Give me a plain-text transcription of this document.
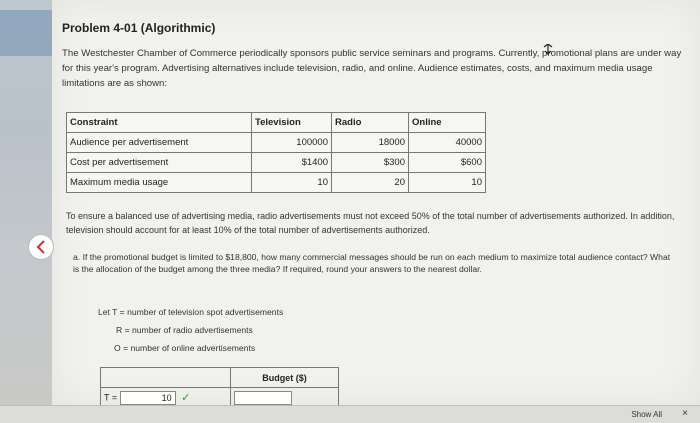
Problem 4-01 (Algorithmic)
The Westchester Chamber of Commerce periodically sponsors public service seminars and programs. Currently, promotional plans are under way for this year's program. Advertising alternatives include television, radio, and online. Audience estimates, costs, and maximum media usage limitations are as shown:
Constraint	Television	Radio	Online
Audience per advertisement	100000	18000	40000
Cost per advertisement	$1400	$300	$600
Maximum media usage	10	20	10
To ensure a balanced use of advertising media, radio advertisements must not exceed 50% of the total number of advertisements authorized. In addition, television should account for at least 10% of the total number of advertisements authorized.
a. If the promotional budget is limited to $18,800, how many commercial messages should be run on each medium to maximize total audience contact? What is the allocation of the budget among the three media? If required, round your answers to the nearest dollar.
Let T = number of television spot advertisements
R = number of radio advertisements
O = number of online advertisements
	Budget ($)
T = 10 ✓	
Show All ×
